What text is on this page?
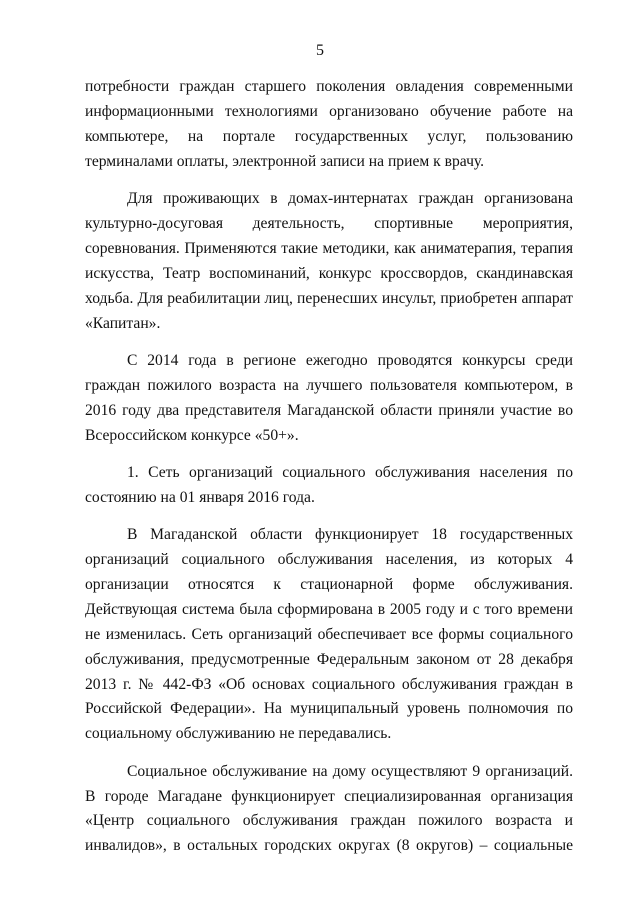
5

потребности граждан старшего поколения овладения современными информационными технологиями организовано обучение работе на компьютере, на портале государственных услуг, пользованию терминалами оплаты, электронной записи на прием к врачу.

Для проживающих в домах-интернатах граждан организована культурно-досуговая деятельность, спортивные мероприятия, соревнования. Применяются такие методики, как аниматерапия, терапия искусства, Театр воспоминаний, конкурс кроссвордов, скандинавская ходьба. Для реабилитации лиц, перенесших инсульт, приобретен аппарат «Капитан».

С 2014 года в регионе ежегодно проводятся конкурсы среди граждан пожилого возраста на лучшего пользователя компьютером, в 2016 году два представителя Магаданской области приняли участие во Всероссийском конкурсе «50+».

1. Сеть организаций социального обслуживания населения по состоянию на 01 января 2016 года.

В Магаданской области функционирует 18 государственных организаций социального обслуживания населения, из которых 4 организации относятся к стационарной форме обслуживания. Действующая система была сформирована в 2005 году и с того времени не изменилась. Сеть организаций обеспечивает все формы социального обслуживания, предусмотренные Федеральным законом от 28 декабря 2013 г. № 442-ФЗ «Об основах социального обслуживания граждан в Российской Федерации». На муниципальный уровень полномочия по социальному обслуживанию не передавались.

Социальное обслуживание на дому осуществляют 9 организаций. В городе Магадане функционирует специализированная организация «Центр социального обслуживания граждан пожилого возраста и инвалидов», в остальных городских округах (8 округов) – социальные
